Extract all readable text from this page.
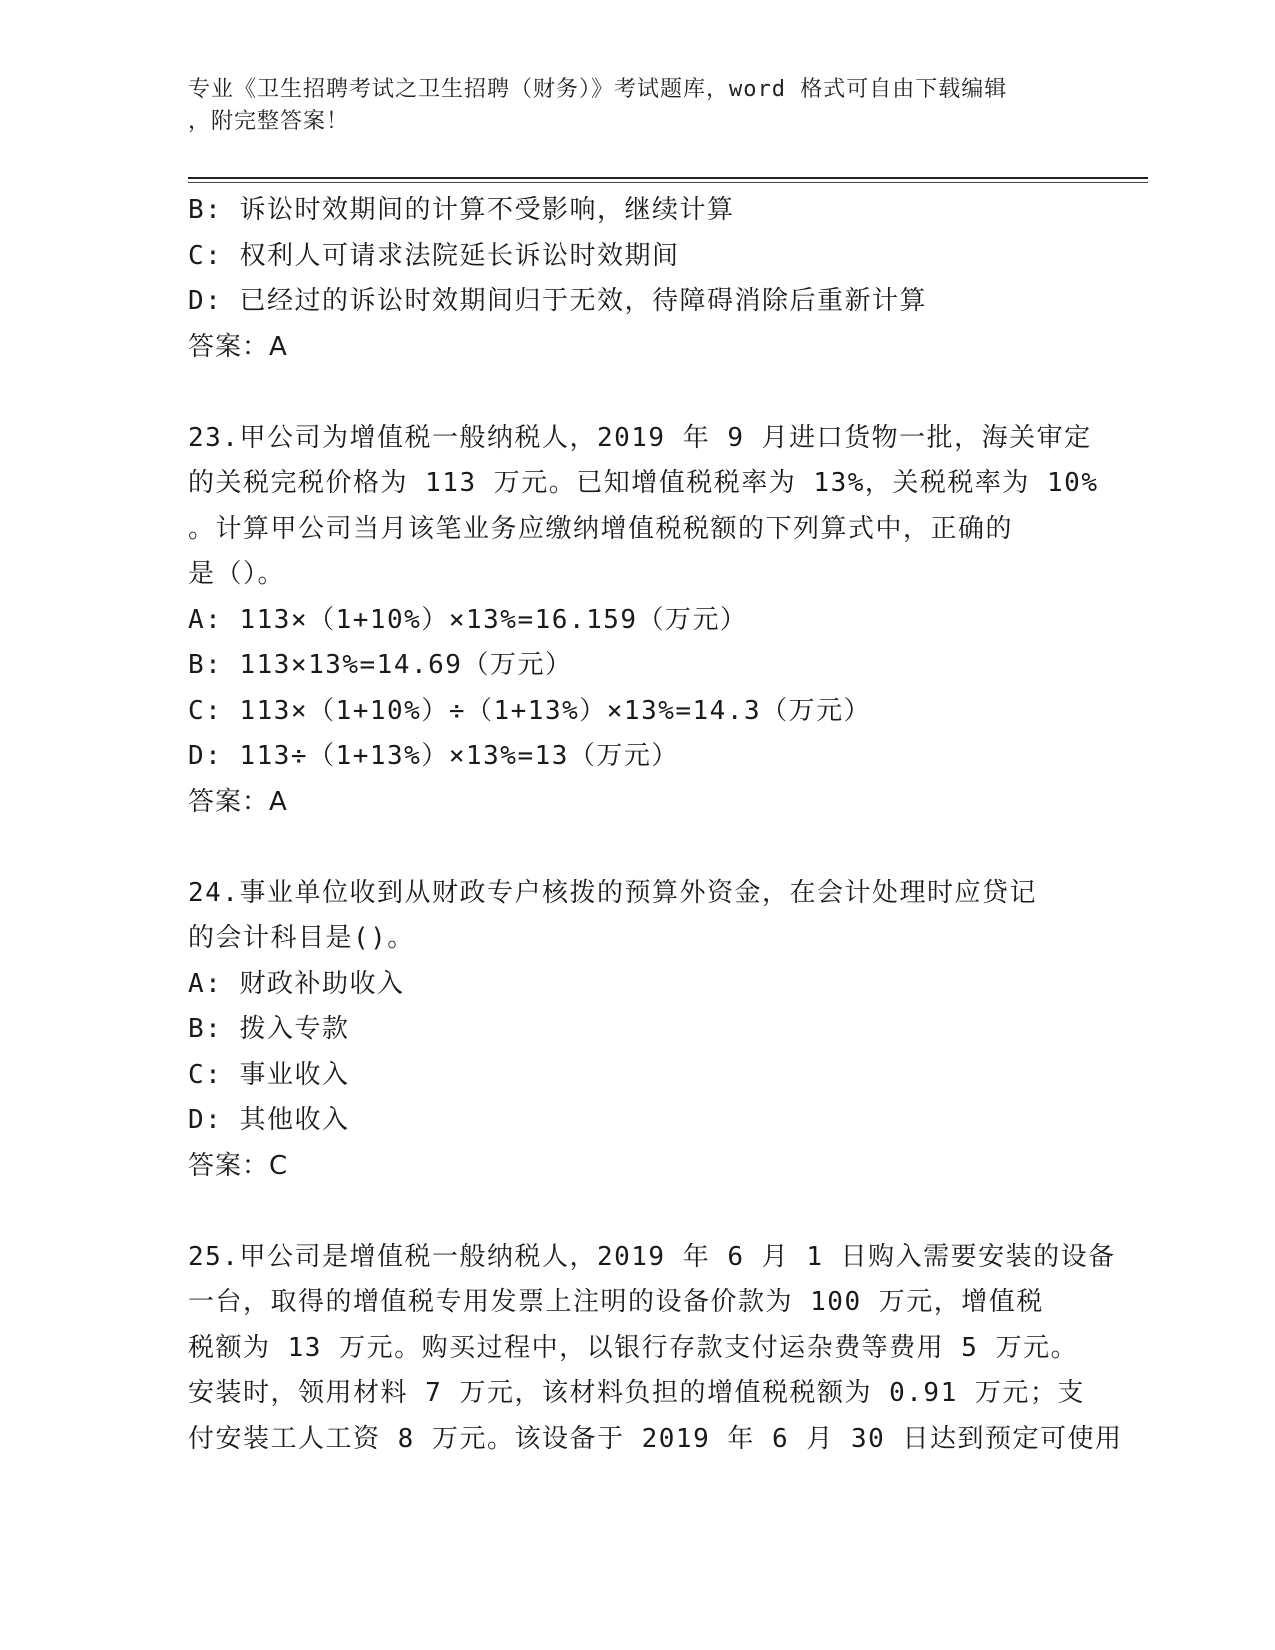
专业《卫生招聘考试之卫生招聘（财务）》考试题库，word 格式可自由下载编辑
，附完整答案！
B: 诉讼时效期间的计算不受影响，继续计算
C: 权利人可请求法院延长诉讼时效期间
D: 已经过的诉讼时效期间归于无效，待障碍消除后重新计算
答案：A
23.甲公司为增值税一般纳税人，2019 年 9 月进口货物一批，海关审定
的关税完税价格为 113 万元。已知增值税税率为 13%，关税税率为 10%
。计算甲公司当月该笔业务应缴纳增值税税额的下列算式中，正确的
是（）。
A: 113×（1+10%）×13%=16.159（万元）
B: 113×13%=14.69（万元）
C: 113×（1+10%）÷（1+13%）×13%=14.3（万元）
D: 113÷（1+13%）×13%=13（万元）
答案：A
24.事业单位收到从财政专户核拨的预算外资金，在会计处理时应贷记
的会计科目是()。
A: 财政补助收入
B: 拨入专款
C: 事业收入
D: 其他收入
答案：C
25.甲公司是增值税一般纳税人，2019 年 6 月 1 日购入需要安装的设备
一台，取得的增值税专用发票上注明的设备价款为 100 万元，增值税
税额为 13 万元。购买过程中，以银行存款支付运杂费等费用 5 万元。
安装时，领用材料 7 万元，该材料负担的增值税税额为 0.91 万元；支
付安装工人工资 8 万元。该设备于 2019 年 6 月 30 日达到预定可使用
